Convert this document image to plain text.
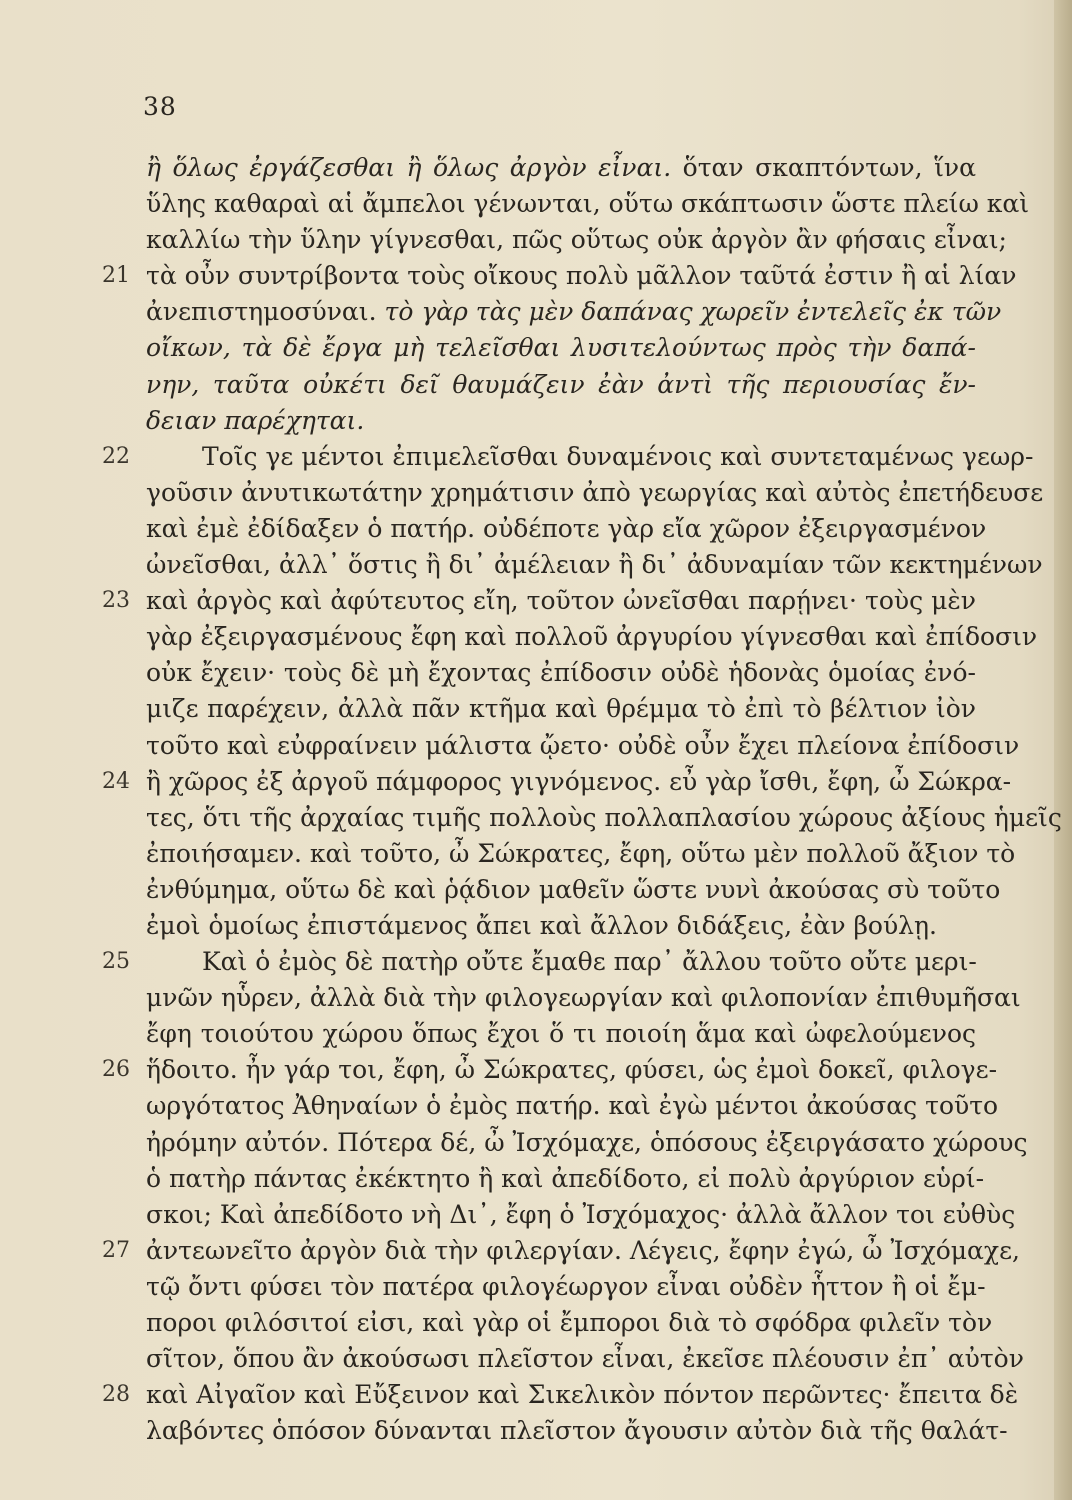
38
ἢ ὅλως ἐργάζεσθαι ἢ ὅλως ἀργὸν εἶναι. ὅταν σκαπτόντων, ἵνα
ὕλης καθαραὶ αἱ ἄμπελοι γένωνται, οὕτω σκάπτωσιν ὥστε πλείω καὶ
καλλίω τὴν ὕλην γίγνεσθαι, πῶς οὕτως οὐκ ἀργὸν ἂν φήσαις εἶναι;
21 τὰ οὖν συντρίβοντα τοὺς οἴκους πολὺ μᾶλλον ταῦτά ἐστιν ἢ αἱ λίαν
ἀνεπιστημοσύναι. τὸ γὰρ τὰς μὲν δαπάνας χωρεῖν ἐντελεῖς ἐκ τῶν
οἴκων, τὰ δὲ ἔργα μὴ τελεῖσθαι λυσιτελούντως πρὸς τὴν δαπά-
νην, ταῦτα οὐκέτι δεῖ θαυμάζειν ἐὰν ἀντὶ τῆς περιουσίας ἔν-
δειαν παρέχηται.
22	Τοῖς γε μέντοι ἐπιμελεῖσθαι δυναμένοις καὶ συντεταμένως γεωρ-
γοῦσιν ἀνυτικωτάτην χρημάτισιν ἀπὸ γεωργίας καὶ αὐτὸς ἐπετήδευσε
καὶ ἐμὲ ἐδίδαξεν ὁ πατήρ. οὐδέποτε γὰρ εἴα χῶρον ἐξειργασμένον
ὠνεῖσθαι, ἀλλ᾽ ὅστις ἢ δι᾽ ἀμέλειαν ἢ δι᾽ ἀδυναμίαν τῶν κεκτημένων
23 καὶ ἀργὸς καὶ ἀφύτευτος εἴη, τοῦτον ὠνεῖσθαι παρῄνει· τοὺς μὲν
γὰρ ἐξειργασμένους ἔφη καὶ πολλοῦ ἀργυρίου γίγνεσθαι καὶ ἐπίδοσιν
οὐκ ἔχειν· τοὺς δὲ μὴ ἔχοντας ἐπίδοσιν οὐδὲ ἡδονὰς ὁμοίας ἐνό-
μιζε παρέχειν, ἀλλὰ πᾶν κτῆμα καὶ θρέμμα τὸ ἐπὶ τὸ βέλτιον ἰὸν
τοῦτο καὶ εὐφραίνειν μάλιστα ᾤετο· οὐδὲ οὖν ἔχει πλείονα ἐπίδοσιν
24 ἢ χῶρος ἐξ ἀργοῦ πάμφορος γιγνόμενος. εὖ γὰρ ἴσθι, ἔφη, ὦ Σώκρα-
τες, ὅτι τῆς ἀρχαίας τιμῆς πολλοὺς πολλαπλασίου χώρους ἀξίους ἡμεῖς
ἐποιήσαμεν. καὶ τοῦτο, ὦ Σώκρατες, ἔφη, οὕτω μὲν πολλοῦ ἄξιον τὸ
ἐνθύμημα, οὕτω δὲ καὶ ῥᾴδιον μαθεῖν ὥστε νυνὶ ἀκούσας σὺ τοῦτο
ἐμοὶ ὁμοίως ἐπιστάμενος ἄπει καὶ ἄλλον διδάξεις, ἐὰν βούλῃ.
25	Καὶ ὁ ἐμὸς δὲ πατὴρ οὔτε ἔμαθε παρ᾽ ἄλλου τοῦτο οὔτε μερι-
μνῶν ηὗρεν, ἀλλὰ διὰ τὴν φιλογεωργίαν καὶ φιλοπονίαν ἐπιθυμῆσαι
ἔφη τοιούτου χώρου ὅπως ἔχοι ὅ τι ποιοίη ἅμα καὶ ὠφελούμενος
26 ἥδοιτο. ἦν γάρ τοι, ἔφη, ὦ Σώκρατες, φύσει, ὡς ἐμοὶ δοκεῖ, φιλογε-
ωργότατος Ἀθηναίων ὁ ἐμὸς πατήρ. καὶ ἐγὼ μέντοι ἀκούσας τοῦτο
ἠρόμην αὐτόν. Πότερα δέ, ὦ Ἰσχόμαχε, ὁπόσους ἐξειργάσατο χώρους
ὁ πατὴρ πάντας ἐκέκτητο ἢ καὶ ἀπεδίδοτο, εἰ πολὺ ἀργύριον εὑρί-
σκοι; Καὶ ἀπεδίδοτο νὴ Δι᾽, ἔφη ὁ Ἰσχόμαχος· ἀλλὰ ἄλλον τοι εὐθὺς
27 ἀντεωνεῖτο ἀργὸν διὰ τὴν φιλεργίαν. Λέγεις, ἔφην ἐγώ, ὦ Ἰσχόμαχε,
τῷ ὄντι φύσει τὸν πατέρα φιλογέωργον εἶναι οὐδὲν ἧττον ἢ οἱ ἔμ-
ποροι φιλόσιτοί εἰσι, καὶ γὰρ οἱ ἔμποροι διὰ τὸ σφόδρα φιλεῖν τὸν
σῖτον, ὅπου ἂν ἀκούσωσι πλεῖστον εἶναι, ἐκεῖσε πλέουσιν ἐπ᾽ αὐτὸν
28 καὶ Αἰγαῖον καὶ Εὔξεινον καὶ Σικελικὸν πόντον περῶντες· ἔπειτα δὲ
λαβόντες ὁπόσον δύνανται πλεῖστον ἄγουσιν αὐτὸν διὰ τῆς θαλάτ-
